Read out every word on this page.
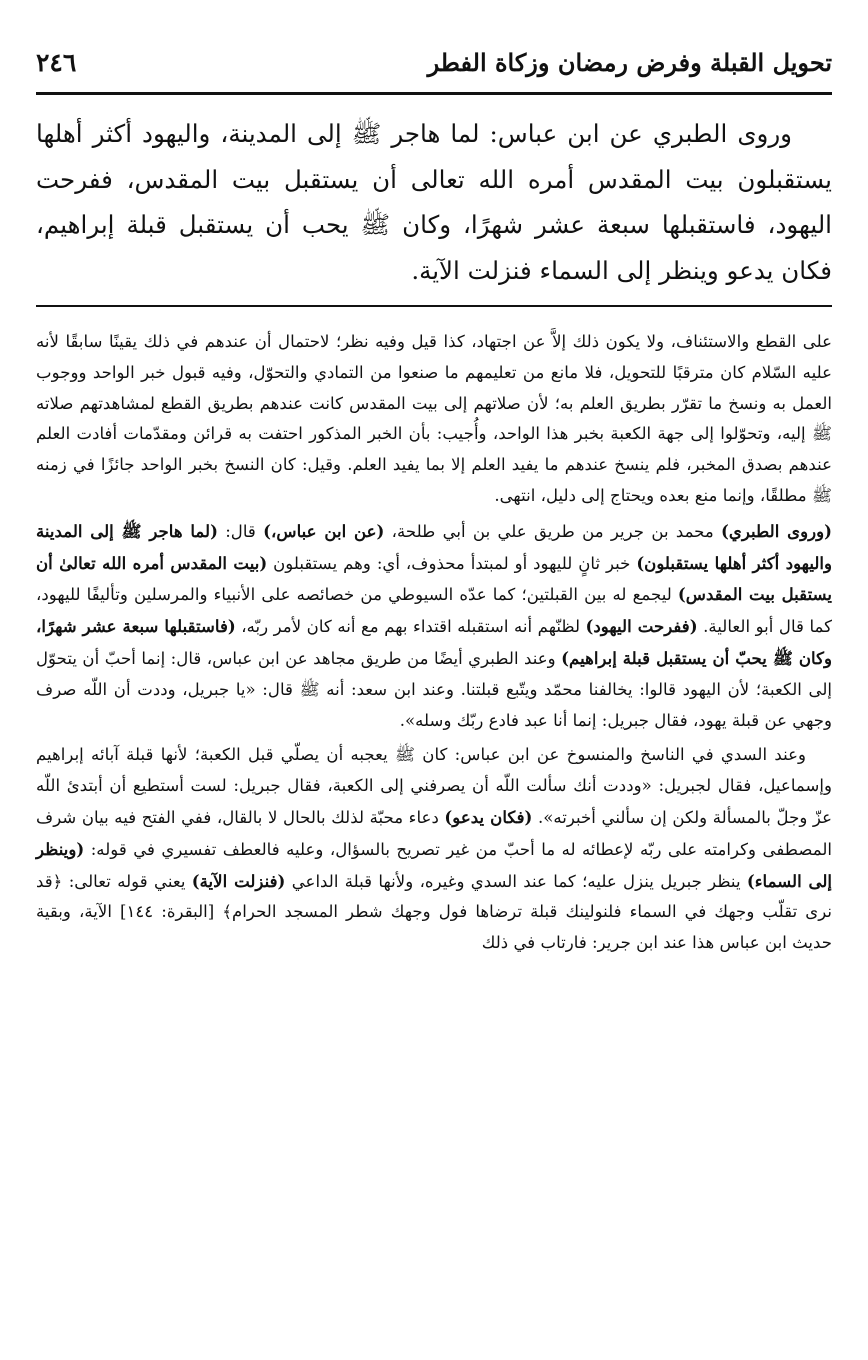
تحويل القبلة وفرض رمضان وزكاة الفطر
٢٤٦
وروى الطبري عن ابن عباس: لما هاجر ﷺ إلى المدينة، واليهود أكثر أهلها يستقبلون بيت المقدس أمره الله تعالى أن يستقبل بيت المقدس، ففرحت اليهود، فاستقبلها سبعة عشر شهرًا، وكان ﷺ يحب أن يستقبل قبلة إبراهيم، فكان يدعو وينظر إلى السماء فنزلت الآية.

على القطع والاستئناف، ولا يكون ذلك إلاَّ عن اجتهاد، كذا قيل وفيه نظر؛ لاحتمال أن عندهم في ذلك يقينًا سابقًا لأنه عليه السّلام كان مترقبًا للتحويل، فلا مانع من تعليمهم ما صنعوا من التمادي والتحوّل، وفيه قبول خبر الواحد ووجوب العمل به ونسخ ما تقرّر بطريق العلم به؛ لأن صلاتهم إلى بيت المقدس كانت عندهم بطريق القطع لمشاهدتهم صلاته ﷺ إليه، وتحوّلوا إلى جهة الكعبة بخبر هذا الواحد، وأُجيب: بأن الخبر المذكور احتفت به قرائن ومقدّمات أفادت العلم عندهم بصدق المخبر، فلم ينسخ عندهم ما يفيد العلم إلا بما يفيد العلم. وقيل: كان النسخ بخبر الواحد جائزًا في زمنه ﷺ مطلقًا، وإنما منع بعده ويحتاج إلى دليل، انتهى.

(وروى الطبري) محمد بن جرير من طريق علي بن أبي طلحة، (عن ابن عباس،) قال: (لما هاجر ﷺ إلى المدينة واليهود أكثر أهلها يستقبلون) خبر ثانٍ لليهود أو لمبتدأ محذوف، أي: وهم يستقبلون (بيت المقدس أمره الله تعالىٰ أن يستقبل بيت المقدس) ليجمع له بين القبلتين؛ كما عدّه السيوطي من خصائصه على الأنبياء والمرسلين وتأليفًا لليهود، كما قال أبو العالية. (ففرحت اليهود) لظنّهم أنه استقبله اقتداء بهم مع أنه كان لأمر ربّه، (فاستقبلها سبعة عشر شهرًا، وكان ﷺ يحبّ أن يستقبل قبلة إبراهيم) وعند الطبري أيضًا من طريق مجاهد عن ابن عباس، قال: إنما أحبّ أن يتحوّل إلى الكعبة؛ لأن اليهود قالوا: يخالفنا محمّد ويتّبع قبلتنا. وعند ابن سعد: أنه ﷺ قال: «يا جبريل، وددت أن اللّه صرف وجهي عن قبلة يهود، فقال جبريل: إنما أنا عبد فادع ربّك وسله».

وعند السدي في الناسخ والمنسوخ عن ابن عباس: كان ﷺ يعجبه أن يصلّي قبل الكعبة؛ لأنها قبلة آبائه إبراهيم وإسماعيل، فقال لجبريل: «وددت أنك سألت اللّه أن يصرفني إلى الكعبة، فقال جبريل: لست أستطيع أن أبتدئ اللّه عزّ وجلّ بالمسألة ولكن إن سألني أخبرته». (فكان يدعو) دعاء محبّة لذلك بالحال لا بالقال، ففي الفتح فيه بيان شرف المصطفى وكرامته على ربّه لإعطائه له ما أحبّ من غير تصريح بالسؤال، وعليه فالعطف تفسيري في قوله: (وينظر إلى السماء) ينظر جبريل ينزل عليه؛ كما عند السدي وغيره، ولأنها قبلة الداعي (فنزلت الآية) يعني قوله تعالى: ﴿قد نرى تقلّب وجهك في السماء فلنولينك قبلة ترضاها فول وجهك شطر المسجد الحرام﴾ [البقرة: ١٤٤] الآية، وبقية حديث ابن عباس هذا عند ابن جرير: فارتاب في ذلك
